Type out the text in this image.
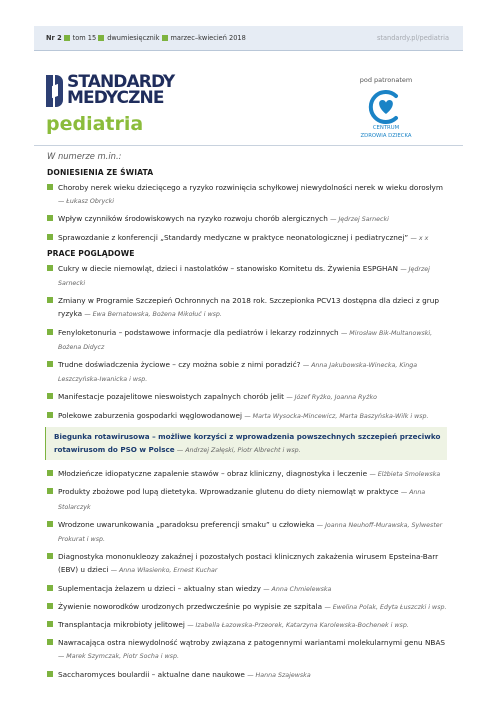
Nr 2 tom 15 dwumiesięcznik marzec–kwiecień 2018	standardy.pl/pediatria
STANDARDY
MEDYCZNE
pediatria
pod patronatem
CENTRUM
ZDROWIA DZIECKA
W numerze m.in.:
DONIESIENIA ZE ŚWIATA
Choroby nerek wieku dziecięcego a ryzyko rozwinięcia schyłkowej niewydolności nerek w wieku dorosłym — Łukasz Obrycki
Wpływ czynników środowiskowych na ryzyko rozwoju chorób alergicznych — Jędrzej Sarnecki
Sprawozdanie z konferencji „Standardy medyczne w praktyce neonatologicznej i pediatrycznej” — x x
PRACE POGLĄDOWE
Cukry w diecie niemowląt, dzieci i nastolatków – stanowisko Komitetu ds. Żywienia ESPGHAN — Jędrzej Sarnecki
Zmiany w Programie Szczepień Ochronnych na 2018 rok. Szczepionka PCV13 dostępna dla dzieci z grup ryzyka — Ewa Bernatowska, Bożena Mikołuć i wsp.
Fenyloketonuria – podstawowe informacje dla pediatrów i lekarzy rodzinnych — Mirosław Bik-Multanowski, Bożena Didycz
Trudne doświadczenia życiowe – czy można sobie z nimi poradzić? — Anna Jakubowska-Winecka, Kinga Leszczyńska-Iwanicka i wsp.
Manifestacje pozajelitowe nieswoistych zapalnych chorób jelit — Józef Ryżko, Joanna Ryżko
Polekowe zaburzenia gospodarki węglowodanowej — Marta Wysocka-Mincewicz, Marta Baszyńska-Wilk i wsp.
Biegunka rotawirusowa – możliwe korzyści z wprowadzenia powszechnych szczepień przeciwko rotawirusom do PSO w Polsce — Andrzej Załęski, Piotr Albrecht i wsp.
Młodzieńcze idiopatyczne zapalenie stawów – obraz kliniczny, diagnostyka i leczenie — Elżbieta Smolewska
Produkty zbożowe pod lupą dietetyka. Wprowadzanie glutenu do diety niemowląt w praktyce — Anna Stolarczyk
Wrodzone uwarunkowania „paradoksu preferencji smaku” u człowieka — Joanna Neuhoff-Murawska, Sylwester Prokurat i wsp.
Diagnostyka mononukleozy zakaźnej i pozostałych postaci klinicznych zakażenia wirusem Epsteina-Barr (EBV) u dzieci — Anna Własienko, Ernest Kuchar
Suplementacja żelazem u dzieci – aktualny stan wiedzy — Anna Chmielewska
Żywienie noworodków urodzonych przedwcześnie po wypisie ze szpitala — Ewelina Polak, Edyta Łuszczki i wsp.
Transplantacja mikrobioty jelitowej — Izabella Łazowska-Przeorek, Katarzyna Karolewska-Bochenek i wsp.
Nawracająca ostra niewydolność wątroby związana z patogennymi wariantami molekularnymi genu NBAS — Marek Szymczak, Piotr Socha i wsp.
Saccharomyces boulardii – aktualne dane naukowe — Hanna Szajewska
